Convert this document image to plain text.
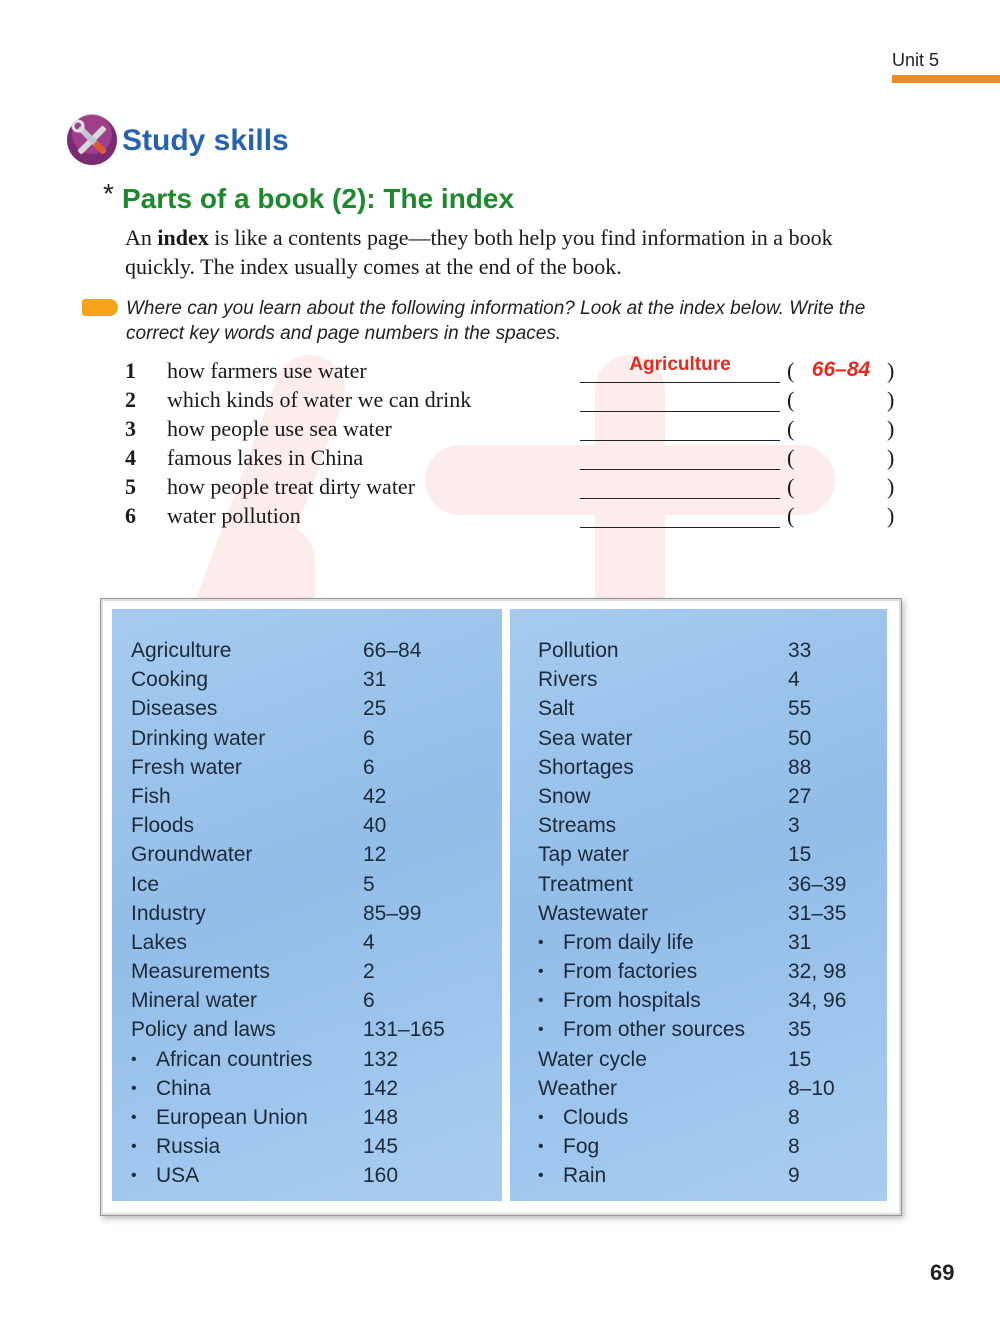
Unit 5
Study skills
* Parts of a book (2): The index
An index is like a contents page—they both help you find information in a book quickly. The index usually comes at the end of the book.
Where can you learn about the following information? Look at the index below. Write the correct key words and page numbers in the spaces.
1 how farmers use water	Agriculture	( 66–84 )
2 which kinds of water we can drink	(	)
3 how people use sea water	(	)
4 famous lakes in China	(	)
5 how people treat dirty water	(	)
6 water pollution	(	)
Agriculture	66–84
Cooking	31
Diseases	25
Drinking water	6
Fresh water	6
Fish	42
Floods	40
Groundwater	12
Ice	5
Industry	85–99
Lakes	4
Measurements	2
Mineral water	6
Policy and laws	131–165
• African countries 132
• China	142
• European Union	148
• Russia	145
• USA	160
Pollution	33
Rivers	4
Salt	55
Sea water	50
Shortages	88
Snow	27
Streams	3
Tap water	15
Treatment	36–39
Wastewater	31–35
• From daily life	31
• From factories	32, 98
• From hospitals	34, 96
• From other sources 35
Water cycle	15
Weather	8–10
• Clouds	8
• Fog	8
• Rain	9
69
